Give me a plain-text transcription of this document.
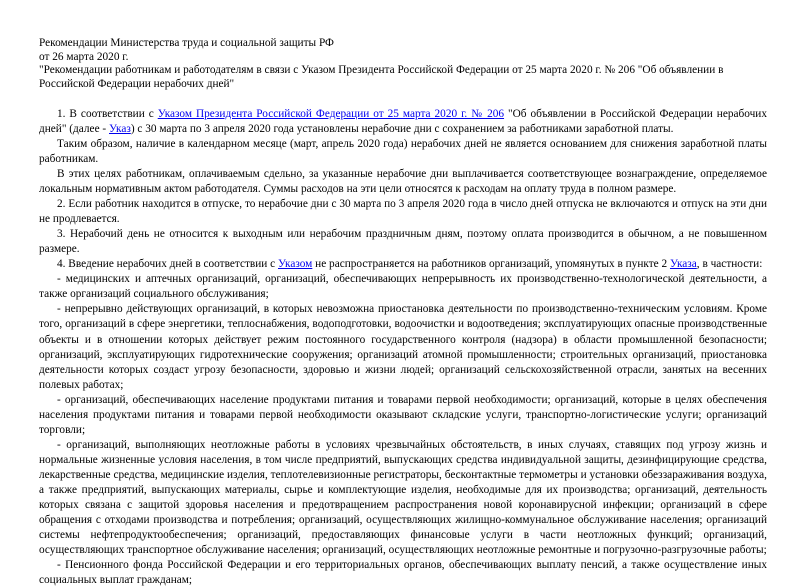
Рекомендации Министерства труда и социальной защиты РФ

от 26 марта 2020 г.

"Рекомендации работникам и работодателям в связи с Указом Президента Российской Федерации от 25 марта 2020 г. № 206 "Об объявлении в Российской Федерации нерабочих дней"

1. В соответствии с Указом Президента Российской Федерации от 25 марта 2020 г. № 206 "Об объявлении в Российской Федерации нерабочих дней" (далее - Указ) с 30 марта по 3 апреля 2020 года установлены нерабочие дни с сохранением за работниками заработной платы.

Таким образом, наличие в календарном месяце (март, апрель 2020 года) нерабочих дней не является основанием для снижения заработной платы работникам.

В этих целях работникам, оплачиваемым сдельно, за указанные нерабочие дни выплачивается соответствующее вознаграждение, определяемое локальным нормативным актом работодателя. Суммы расходов на эти цели относятся к расходам на оплату труда в полном размере.

2. Если работник находится в отпуске, то нерабочие дни с 30 марта по 3 апреля 2020 года в число дней отпуска не включаются и отпуск на эти дни не продлевается.

3. Нерабочий день не относится к выходным или нерабочим праздничным дням, поэтому оплата производится в обычном, а не повышенном размере.

4. Введение нерабочих дней в соответствии с Указом не распространяется на работников организаций, упомянутых в пункте 2 Указа, в частности:

- медицинских и аптечных организаций, организаций, обеспечивающих непрерывность их производственно-технологической деятельности, а также организаций социального обслуживания;

- непрерывно действующих организаций, в которых невозможна приостановка деятельности по производственно-техническим условиям. Кроме того, организаций в сфере энергетики, теплоснабжения, водоподготовки, водоочистки и водоотведения; эксплуатирующих опасные производственные объекты и в отношении которых действует режим постоянного государственного контроля (надзора) в области промышленной безопасности; организаций, эксплуатирующих гидротехнические сооружения; организаций атомной промышленности; строительных организаций, приостановка деятельности которых создаст угрозу безопасности, здоровью и жизни людей; организаций сельскохозяйственной отрасли, занятых на весенних полевых работах;

- организаций, обеспечивающих население продуктами питания и товарами первой необходимости; организаций, которые в целях обеспечения населения продуктами питания и товарами первой необходимости оказывают складские услуги, транспортно-логистические услуги; организаций торговли;

- организаций, выполняющих неотложные работы в условиях чрезвычайных обстоятельств, в иных случаях, ставящих под угрозу жизнь и нормальные жизненные условия населения, в том числе предприятий, выпускающих средства индивидуальной защиты, дезинфицирующие средства, лекарственные средства, медицинские изделия, теплотелевизионные регистраторы, бесконтактные термометры и установки обеззараживания воздуха, а также предприятий, выпускающих материалы, сырье и комплектующие изделия, необходимые для их производства; организаций, деятельность которых связана с защитой здоровья населения и предотвращением распространения новой коронавирусной инфекции; организаций в сфере обращения с отходами производства и потребления; организаций, осуществляющих жилищно-коммунальное обслуживание населения; организаций системы нефтепродуктообеспечения; организаций, предоставляющих финансовые услуги в части неотложных функций; организаций, осуществляющих транспортное обслуживание населения; организаций, осуществляющих неотложные ремонтные и погрузочно-разгрузочные работы;

- Пенсионного фонда Российской Федерации и его территориальных органов, обеспечивающих выплату пенсий, а также осуществление иных социальных выплат гражданам;
